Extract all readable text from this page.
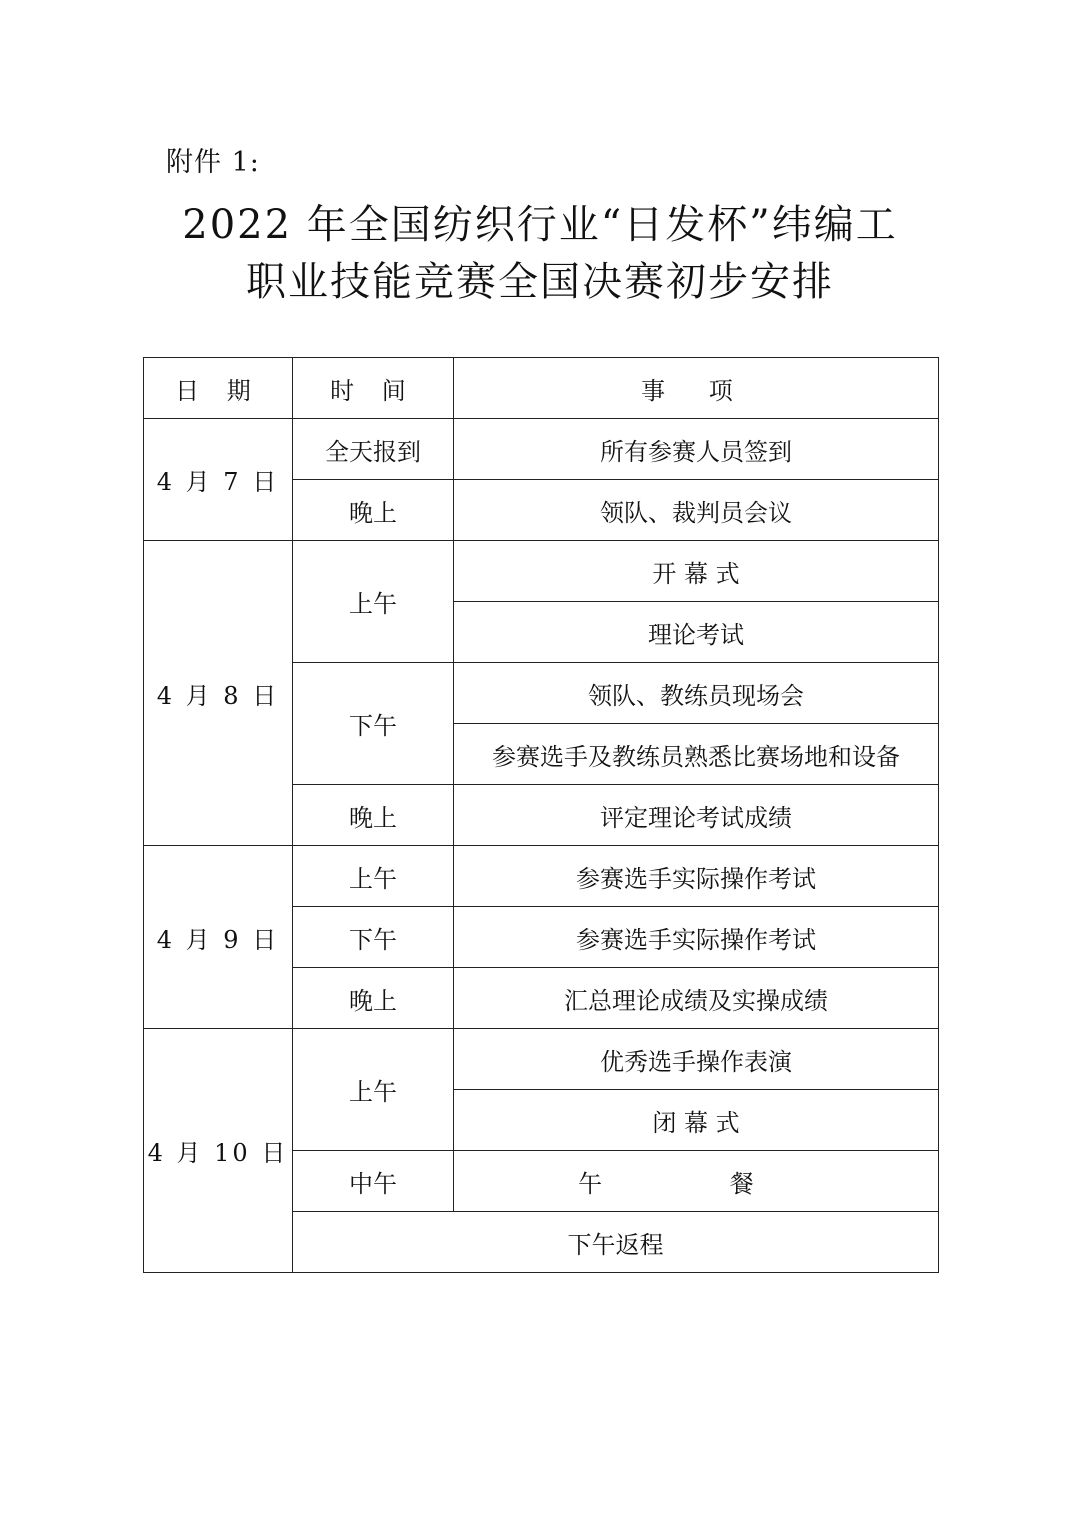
附件 1:
2022 年全国纺织行业“日发杯”纬编工
职业技能竞赛全国决赛初步安排
日 期	时 间	事 项
4 月 7 日	全天报到	所有参赛人员签到
	晚上	领队、裁判员会议
4 月 8 日	上午	开 幕 式
		理论考试
	下午	领队、教练员现场会
		参赛选手及教练员熟悉比赛场地和设备
	晚上	评定理论考试成绩
4 月 9 日	上午	参赛选手实际操作考试
	下午	参赛选手实际操作考试
	晚上	汇总理论成绩及实操成绩
4 月 10 日	上午	优秀选手操作表演
		闭 幕 式
	中午	午 餐
	下午返程	
